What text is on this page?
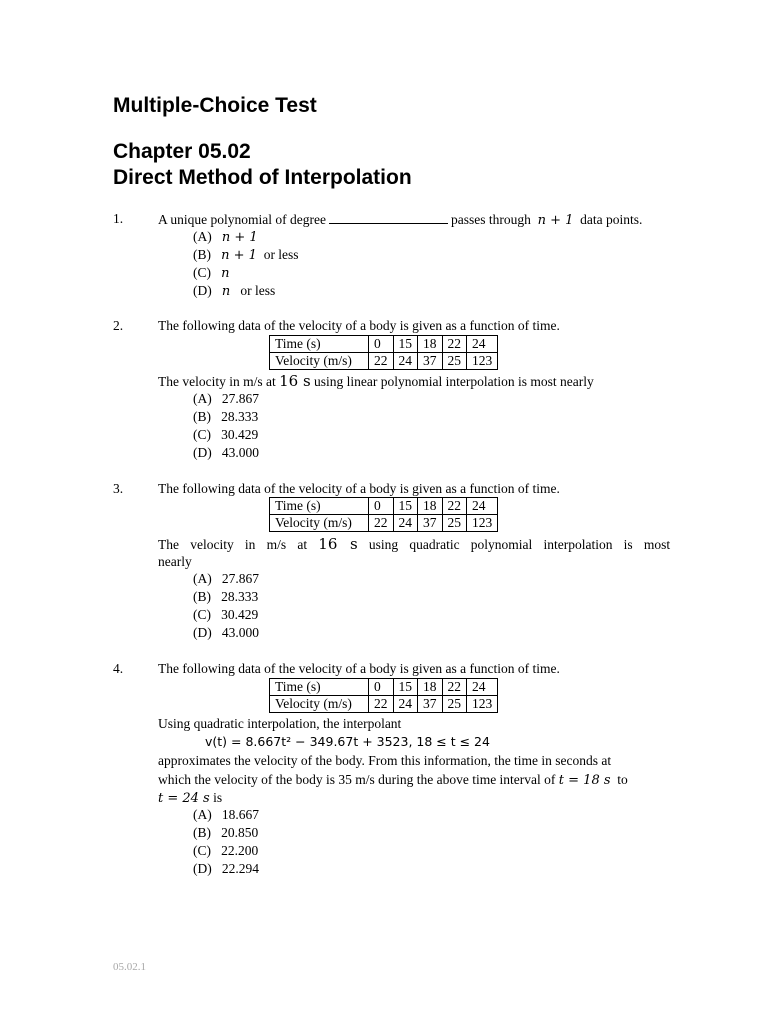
Multiple-Choice Test
Chapter 05.02
Direct Method of Interpolation
1.	A unique polynomial of degree	passes through n + 1 data points.
(A) n + 1
(B) n + 1 or less
(C) n
(D) n or less
2.	The following data of the velocity of a body is given as a function of time.
Time (s)	0	15	18	22	24
Velocity (m/s)	22	24	37	25	123
The velocity in m/s at 16 s using linear polynomial interpolation is most nearly
(A) 27.867
(B) 28.333
(C) 30.429
(D) 43.000
3.	The following data of the velocity of a body is given as a function of time.
Time (s)	0	15	18	22	24
Velocity (m/s)	22	24	37	25	123
The velocity in m/s at 16 s using quadratic polynomial interpolation is most
nearly
(A) 27.867
(B) 28.333
(C) 30.429
(D) 43.000
4.	The following data of the velocity of a body is given as a function of time.
Time (s)	0	15	18	22	24
Velocity (m/s)	22	24	37	25	123
Using quadratic interpolation, the interpolant
v(t) = 8.667t² − 349.67t + 3523, 18 ≤ t ≤ 24
approximates the velocity of the body. From this information, the time in seconds at
which the velocity of the body is 35 m/s during the above time interval of t = 18 s to
t = 24 s is
(A) 18.667
(B) 20.850
(C) 22.200
(D) 22.294
05.02.1
